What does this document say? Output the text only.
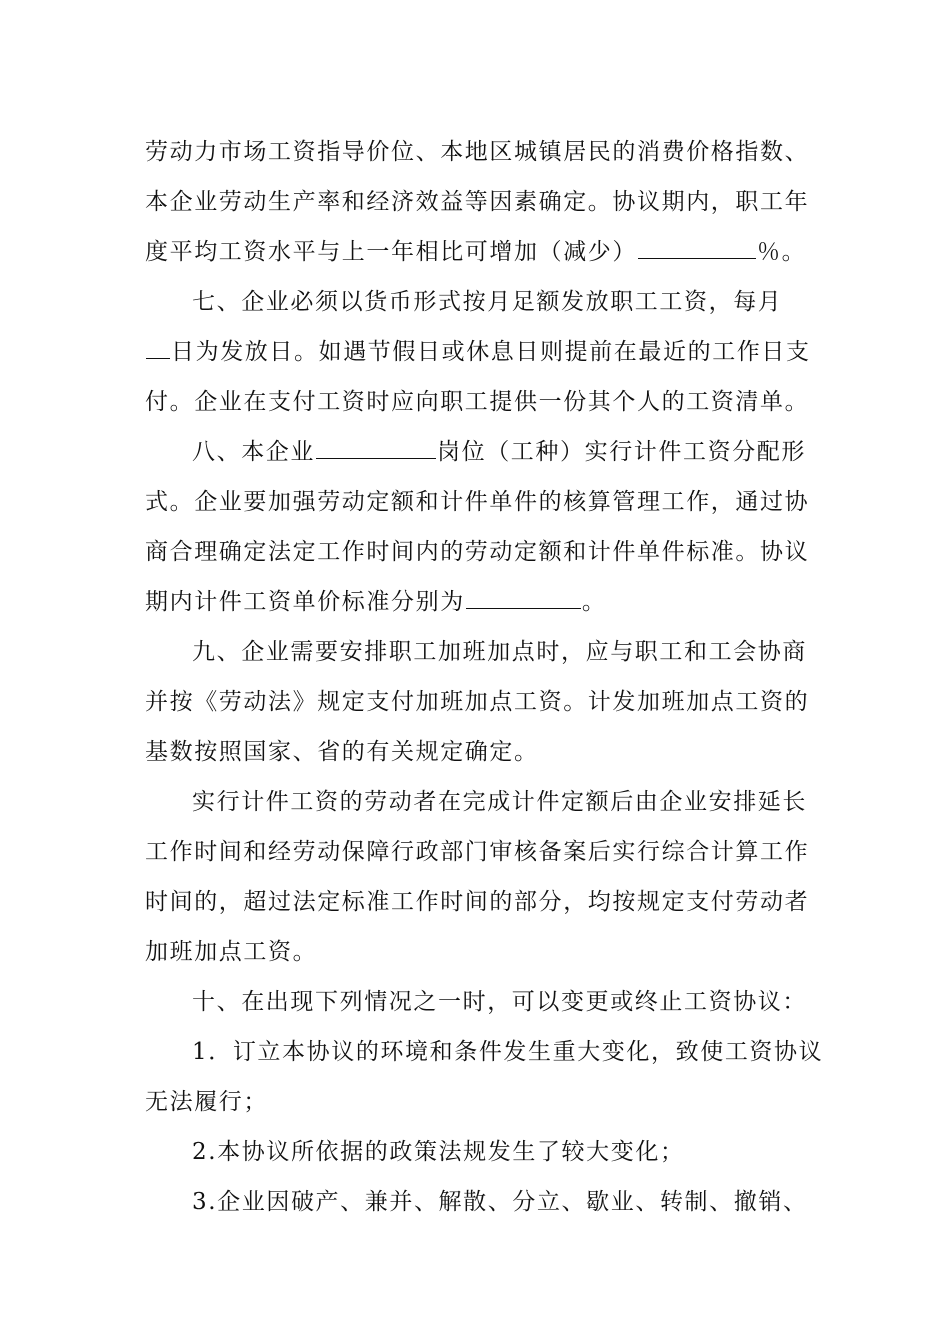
劳动力市场工资指导价位、本地区城镇居民的消费价格指数、
本企业劳动生产率和经济效益等因素确定。协议期内，职工年
度平均工资水平与上一年相比可增加（减少）	％。
七、企业必须以货币形式按月足额发放职工工资，每月
日为发放日。如遇节假日或休息日则提前在最近的工作日支
付。企业在支付工资时应向职工提供一份其个人的工资清单。
八、本企业	岗位（工种）实行计件工资分配形
式。企业要加强劳动定额和计件单件的核算管理工作，通过协
商合理确定法定工作时间内的劳动定额和计件单件标准。协议
期内计件工资单价标准分别为	。
九、企业需要安排职工加班加点时，应与职工和工会协商
并按《劳动法》规定支付加班加点工资。计发加班加点工资的
基数按照国家、省的有关规定确定。
实行计件工资的劳动者在完成计件定额后由企业安排延长
工作时间和经劳动保障行政部门审核备案后实行综合计算工作
时间的，超过法定标准工作时间的部分，均按规定支付劳动者
加班加点工资。
十、在出现下列情况之一时，可以变更或终止工资协议：
1．订立本协议的环境和条件发生重大变化，致使工资协议
无法履行；
2.本协议所依据的政策法规发生了较大变化；
3.企业因破产、兼并、解散、分立、歇业、转制、撤销、
